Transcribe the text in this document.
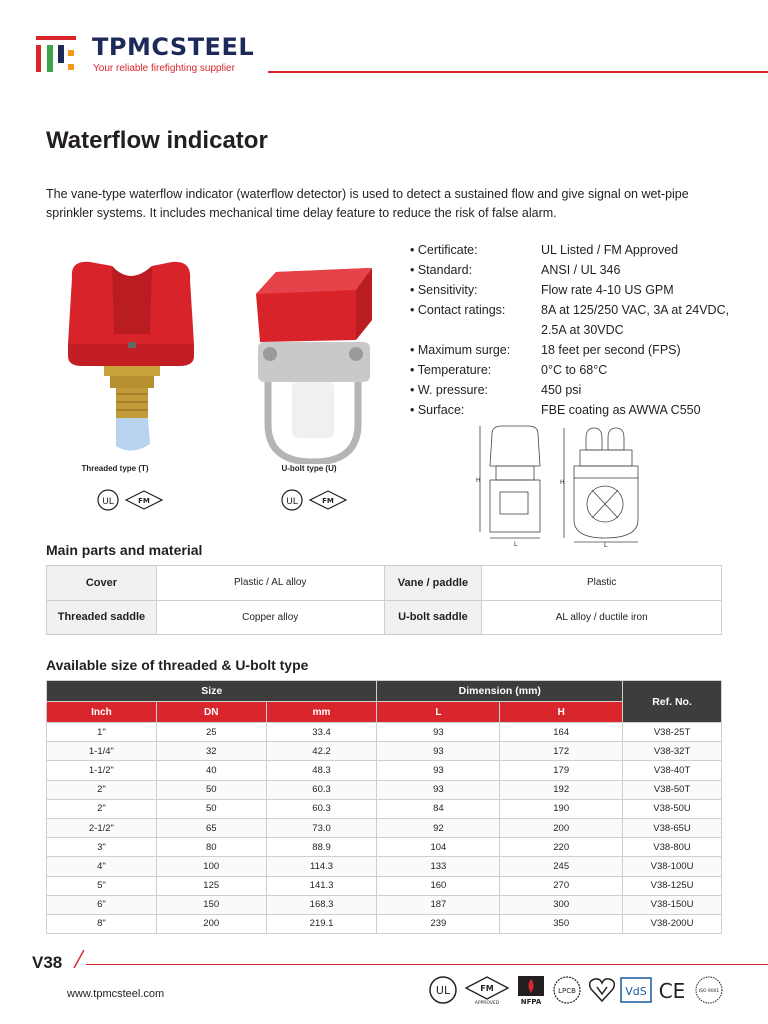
TPMCSTEEL
Your reliable firefighting supplier
Waterflow indicator
The vane-type waterflow indicator (waterflow detector) is used to detect a sustained flow and give signal on wet-pipe sprinkler systems. It includes mechanical time delay feature to reduce the risk of false alarm.
Threaded type (T)	U-bolt type (U)
UL	FM	UL	FM
• Certificate:	UL Listed / FM Approved
• Standard:	ANSI / UL 346
• Sensitivity:	Flow rate 4-10 US GPM
• Contact ratings:	8A at 125/250 VAC, 3A at 24VDC,
2.5A at 30VDC
• Maximum surge: 18 feet per second (FPS)
• Temperature:	0°C to 68°C
• W. pressure:	450 psi
• Surface:	FBE coating as AWWA C550
H
L
H
L
Main parts and material
Cover	Plastic / AL alloy	Vane / paddle	Plastic
Threaded saddle	Copper alloy	U-bolt saddle	AL alloy / ductile iron
Available size of threaded & U-bolt type
Size			Dimension (mm)		Ref. No.
Inch	DN	mm	L	H	
1"	25	33.4	93	164	V38-25T
1-1/4"	32	42.2	93	172	V38-32T
1-1/2"	40	48.3	93	179	V38-40T
2"	50	60.3	93	192	V38-50T
2"	50	60.3	84	190	V38-50U
2-1/2"	65	73.0	92	200	V38-65U
3"	80	88.9	104	220	V38-80U
4"	100	114.3	133	245	V38-100U
5"	125	141.3	160	270	V38-125U
6"	150	168.3	187	300	V38-150U
8"	200	219.1	239	350	V38-200U
V38
www.tpmcsteel.com	UL	FM
APPROVED	NFPA
LPCB	VdS CE	ISO 9001
